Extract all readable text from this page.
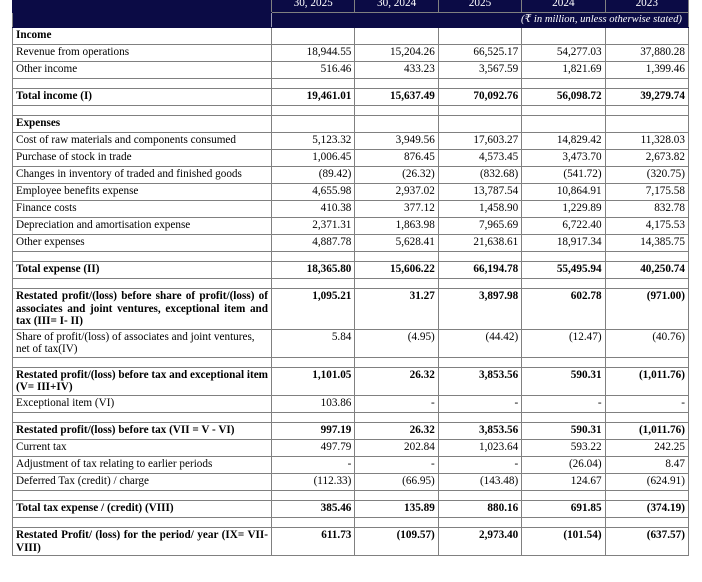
30, 2025	30, 2024	2025	2024	2023
	(₹ in million, unless otherwise stated)				
Income					
Revenue from operations	18,944.55	15,204.26	66,525.17	54,277.03	37,880.28
Other income	516.46	433.23	3,567.59	1,821.69	1,399.46

Total income (I)	19,461.01	15,637.49	70,092.76	56,098.72	39,279.74

Expenses					
Cost of raw materials and components consumed	5,123.32	3,949.56	17,603.27	14,829.42	11,328.03
Purchase of stock in trade	1,006.45	876.45	4,573.45	3,473.70	2,673.82
Changes in inventory of traded and finished goods	(89.42)	(26.32)	(832.68)	(541.72)	(320.75)
Employee benefits expense	4,655.98	2,937.02	13,787.54	10,864.91	7,175.58
Finance costs	410.38	377.12	1,458.90	1,229.89	832.78
Depreciation and amortisation expense	2,371.31	1,863.98	7,965.69	6,722.40	4,175.53
Other expenses	4,887.78	5,628.41	21,638.61	18,917.34	14,385.75

Total expense (II)	18,365.80	15,606.22	66,194.78	55,495.94	40,250.74

Restated profit/(loss) before share of profit/(loss) of associates and joint ventures, exceptional item and tax (III= I- II)	1,095.21	31.27	3,897.98	602.78	(971.00)
Share of profit/(loss) of associates and joint ventures, net of tax(IV)	5.84	(4.95)	(44.42)	(12.47)	(40.76)

Restated profit/(loss) before tax and exceptional item (V= III+IV)	1,101.05	26.32	3,853.56	590.31	(1,011.76)
Exceptional item (VI)	103.86	-	-	-	-

Restated profit/(loss) before tax (VII = V - VI)	997.19	26.32	3,853.56	590.31	(1,011.76)
Current tax	497.79	202.84	1,023.64	593.22	242.25
Adjustment of tax relating to earlier periods	-	-	-	(26.04)	8.47
Deferred Tax (credit) / charge	(112.33)	(66.95)	(143.48)	124.67	(624.91)

Total tax expense / (credit) (VIII)	385.46	135.89	880.16	691.85	(374.19)

Restated Profit/ (loss) for the period/ year (IX= VII-VIII)	611.73	(109.57)	2,973.40	(101.54)	(637.57)
